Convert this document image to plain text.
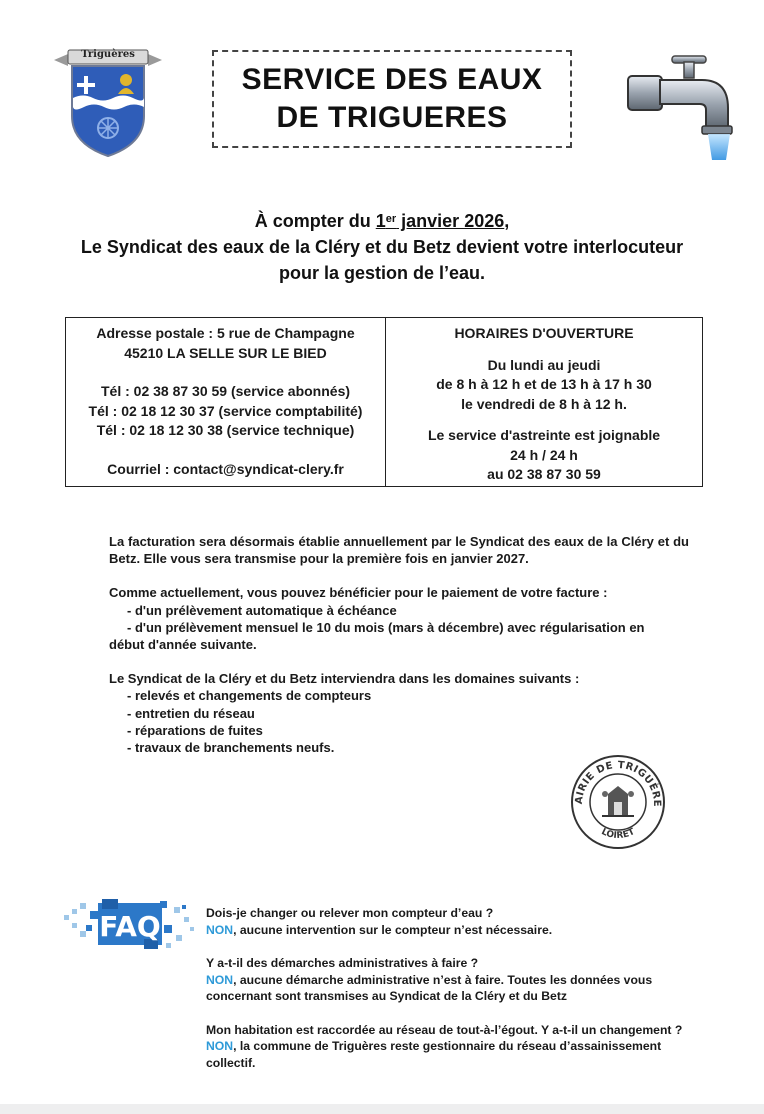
Triguères
SERVICE DES EAUX
DE TRIGUERES
À compter du 1er janvier 2026,
Le Syndicat des eaux de la Cléry et du Betz devient votre interlocuteur
pour la gestion de l’eau.
Adresse postale : 5 rue de Champagne
45210 LA SELLE SUR LE BIED
Tél : 02 38 87 30 59 (service abonnés)
Tél : 02 18 12 30 37 (service comptabilité)
Tél : 02 18 12 30 38 (service technique)
Courriel : contact@syndicat-clery.fr
HORAIRES D'OUVERTURE
Du lundi au jeudi
de 8 h à 12 h et de 13 h à 17 h 30
le vendredi de 8 h à 12 h.
Le service d'astreinte est joignable
24 h / 24 h
au 02 38 87 30 59

La facturation sera désormais établie annuellement par le Syndicat des eaux de la Cléry et du Betz. Elle vous sera transmise pour la première fois en janvier 2027.

Comme actuellement, vous pouvez bénéficier pour le paiement de votre facture :

- d'un prélèvement automatique à échéance

- d'un prélèvement mensuel le 10 du mois (mars à décembre) avec régularisation en

début d'année suivante.

Le Syndicat de la Cléry et du Betz interviendra dans les domaines suivants :

- relevés et changements de compteurs

- entretien du réseau

- réparations de fuites

- travaux de branchements neufs.

AIRIE DE TRIGUÈRE
LOIRET
FAQ	Dois-je changer ou relever mon compteur d’eau ?

NON, aucune intervention sur le compteur n’est nécessaire.

Y a-t-il des démarches administratives à faire ?

NON, aucune démarche administrative n’est à faire. Toutes les données vous concernant sont transmises au Syndicat de la Cléry et du Betz

Mon habitation est raccordée au réseau de tout-à-l’égout. Y a-t-il un changement ?

NON, la commune de Triguères reste gestionnaire du réseau d’assainissement collectif.
